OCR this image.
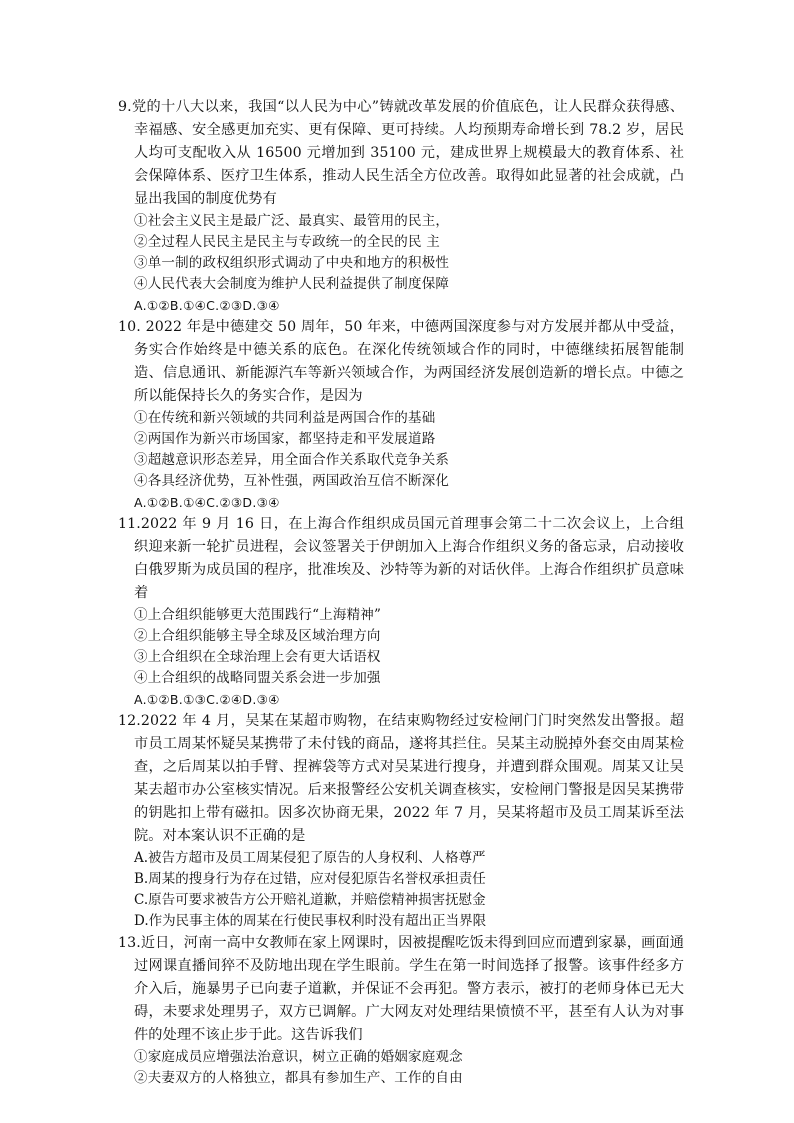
9.党的十八大以来，我国“以人民为中心”铸就改革发展的价值底色，让人民群众获得感、幸福感、安全感更加充实、更有保障、更可持续。人均预期寿命增长到 78.2 岁，居民人均可支配收入从 16500 元增加到 35100 元，建成世界上规模最大的教育体系、社会保障体系、医疗卫生体系，推动人民生活全方位改善。取得如此显著的社会成就，凸显出我国的制度优势有

①社会主义民主是最广泛、最真实、最管用的民主，

②全过程人民民主是民主与专政统一的全民的民 主

③单一制的政权组织形式调动了中央和地方的积极性

④人民代表大会制度为维护人民利益提供了制度保障

A.①②B.①④C.②③D.③④

10. 2022 年是中德建交 50 周年，50 年来，中德两国深度参与对方发展并都从中受益，务实合作始终是中德关系的底色。在深化传统领域合作的同时，中德继续拓展智能制造、信息通讯、新能源汽车等新兴领域合作，为两国经济发展创造新的增长点。中德之所以能保持长久的务实合作，是因为

①在传统和新兴领域的共同利益是两国合作的基础

②两国作为新兴市场国家，都坚持走和平发展道路

③超越意识形态差异，用全面合作关系取代竞争关系

④各具经济优势，互补性强，两国政治互信不断深化

A.①②B.①④C.②③D.③④

11.2022 年 9 月 16 日，在上海合作组织成员国元首理事会第二十二次会议上，上合组织迎来新一轮扩员进程，会议签署关于伊朗加入上海合作组织义务的备忘录，启动接收白俄罗斯为成员国的程序，批准埃及、沙特等为新的对话伙伴。上海合作组织扩员意味着

①上合组织能够更大范围践行“上海精神”

②上合组织能够主导全球及区域治理方向

③上合组织在全球治理上会有更大话语权

④上合组织的战略同盟关系会进一步加强

A.①②B.①③C.②④D.③④

12.2022 年 4 月，吴某在某超市购物，在结束购物经过安检闸门门时突然发出警报。超市员工周某怀疑吴某携带了未付钱的商品，遂将其拦住。吴某主动脱掉外套交由周某检查，之后周某以拍手臂、捏裤袋等方式对吴某进行搜身，并遭到群众围观。周某又让吴某去超市办公室核实情况。后来报警经公安机关调查核实，安检闸门警报是因吴某携带的钥匙扣上带有磁扣。因多次协商无果，2022 年 7 月，吴某将超市及员工周某诉至法院。对本案认识不正确的是

A.被告方超市及员工周某侵犯了原告的人身权利、人格尊严

B.周某的搜身行为存在过错，应对侵犯原告名誉权承担责任

C.原告可要求被告方公开赔礼道歉，并赔偿精神损害抚慰金

D.作为民事主体的周某在行使民事权利时没有超出正当界限

13.近日，河南一高中女教师在家上网课时，因被提醒吃饭未得到回应而遭到家暴，画面通过网课直播间猝不及防地出现在学生眼前。学生在第一时间选择了报警。该事件经多方介入后，施暴男子已向妻子道歉，并保证不会再犯。警方表示，被打的老师身体已无大碍，未要求处理男子，双方已调解。广大网友对处理结果愤愤不平，甚至有人认为对事件的处理不该止步于此。这告诉我们

①家庭成员应增强法治意识，树立正确的婚姻家庭观念

②夫妻双方的人格独立，都具有参加生产、工作的自由
